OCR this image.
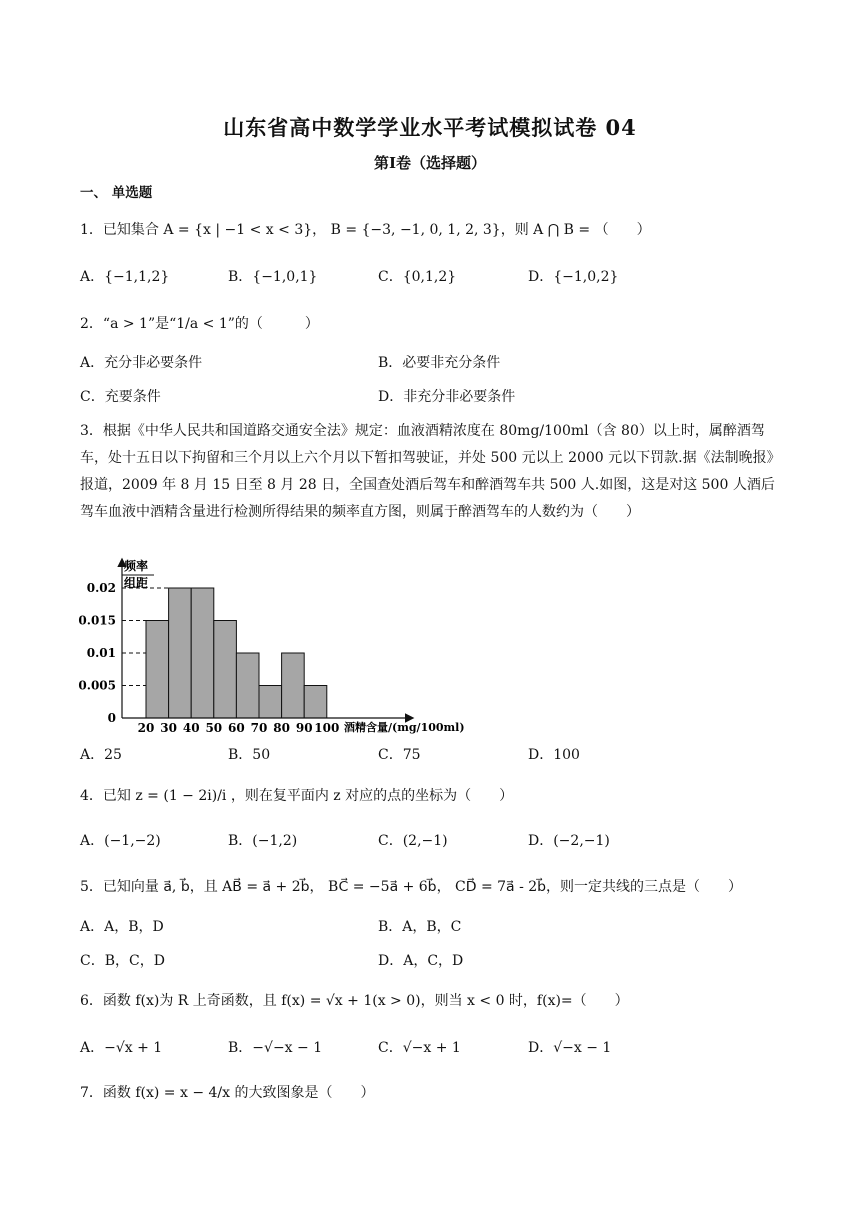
山东省高中数学学业水平考试模拟试卷 04
第Ⅰ卷（选择题）
一、 单选题
1．已知集合 A = {x | −1 < x < 3}， B = {−3, −1, 0, 1, 2, 3}，则 A ⋂ B = （　　）
A．{−1,1,2}	B．{−1,0,1}	C．{0,1,2}	D．{−1,0,2}
2．“a > 1”是“1/a < 1”的（　　　）
A．充分非必要条件	B．必要非充分条件
C．充要条件	D．非充分非必要条件
3．根据《中华人民共和国道路交通安全法》规定：血液酒精浓度在 80mg/100ml（含 80）以上时，属醉酒驾车，处十五日以下拘留和三个月以上六个月以下暂扣驾驶证，并处 500 元以上 2000 元以下罚款.据《法制晚报》报道，2009 年 8 月 15 日至 8 月 28 日，全国查处酒后驾车和醉酒驾车共 500 人.如图，这是对这 500 人酒后驾车血液中酒精含量进行检测所得结果的频率直方图，则属于醉酒驾车的人数约为（　　）
频率
组距
0
0.005
0.01
0.015
0.02
20 30 40 50 60 70 80 90 100 酒精含量/(mg/100ml)
A．25	B．50	C．75	D．100
4．已知 z = (1 − 2i)/i ，则在复平面内 z 对应的点的坐标为（　　）
A．(−1,−2)	B．(−1,2)	C．(2,−1)	D．(−2,−1)
5．已知向量 a⃗, b⃗，且 AB⃗ = a⃗ + 2b⃗， BC⃗ = −5a⃗ + 6b⃗， CD⃗ = 7a⃗ - 2b⃗，则一定共线的三点是（　　）
A．A，B，D	B．A，B，C
C．B，C，D	D．A，C，D
6．函数 f(x)为 R 上奇函数，且 f(x) = √x + 1(x > 0)，则当 x < 0 时，f(x)=（　　）
A．−√x + 1	B．−√−x − 1	C．√−x + 1	D．√−x − 1
7．函数 f(x) = x − 4/x 的大致图象是（　　）
